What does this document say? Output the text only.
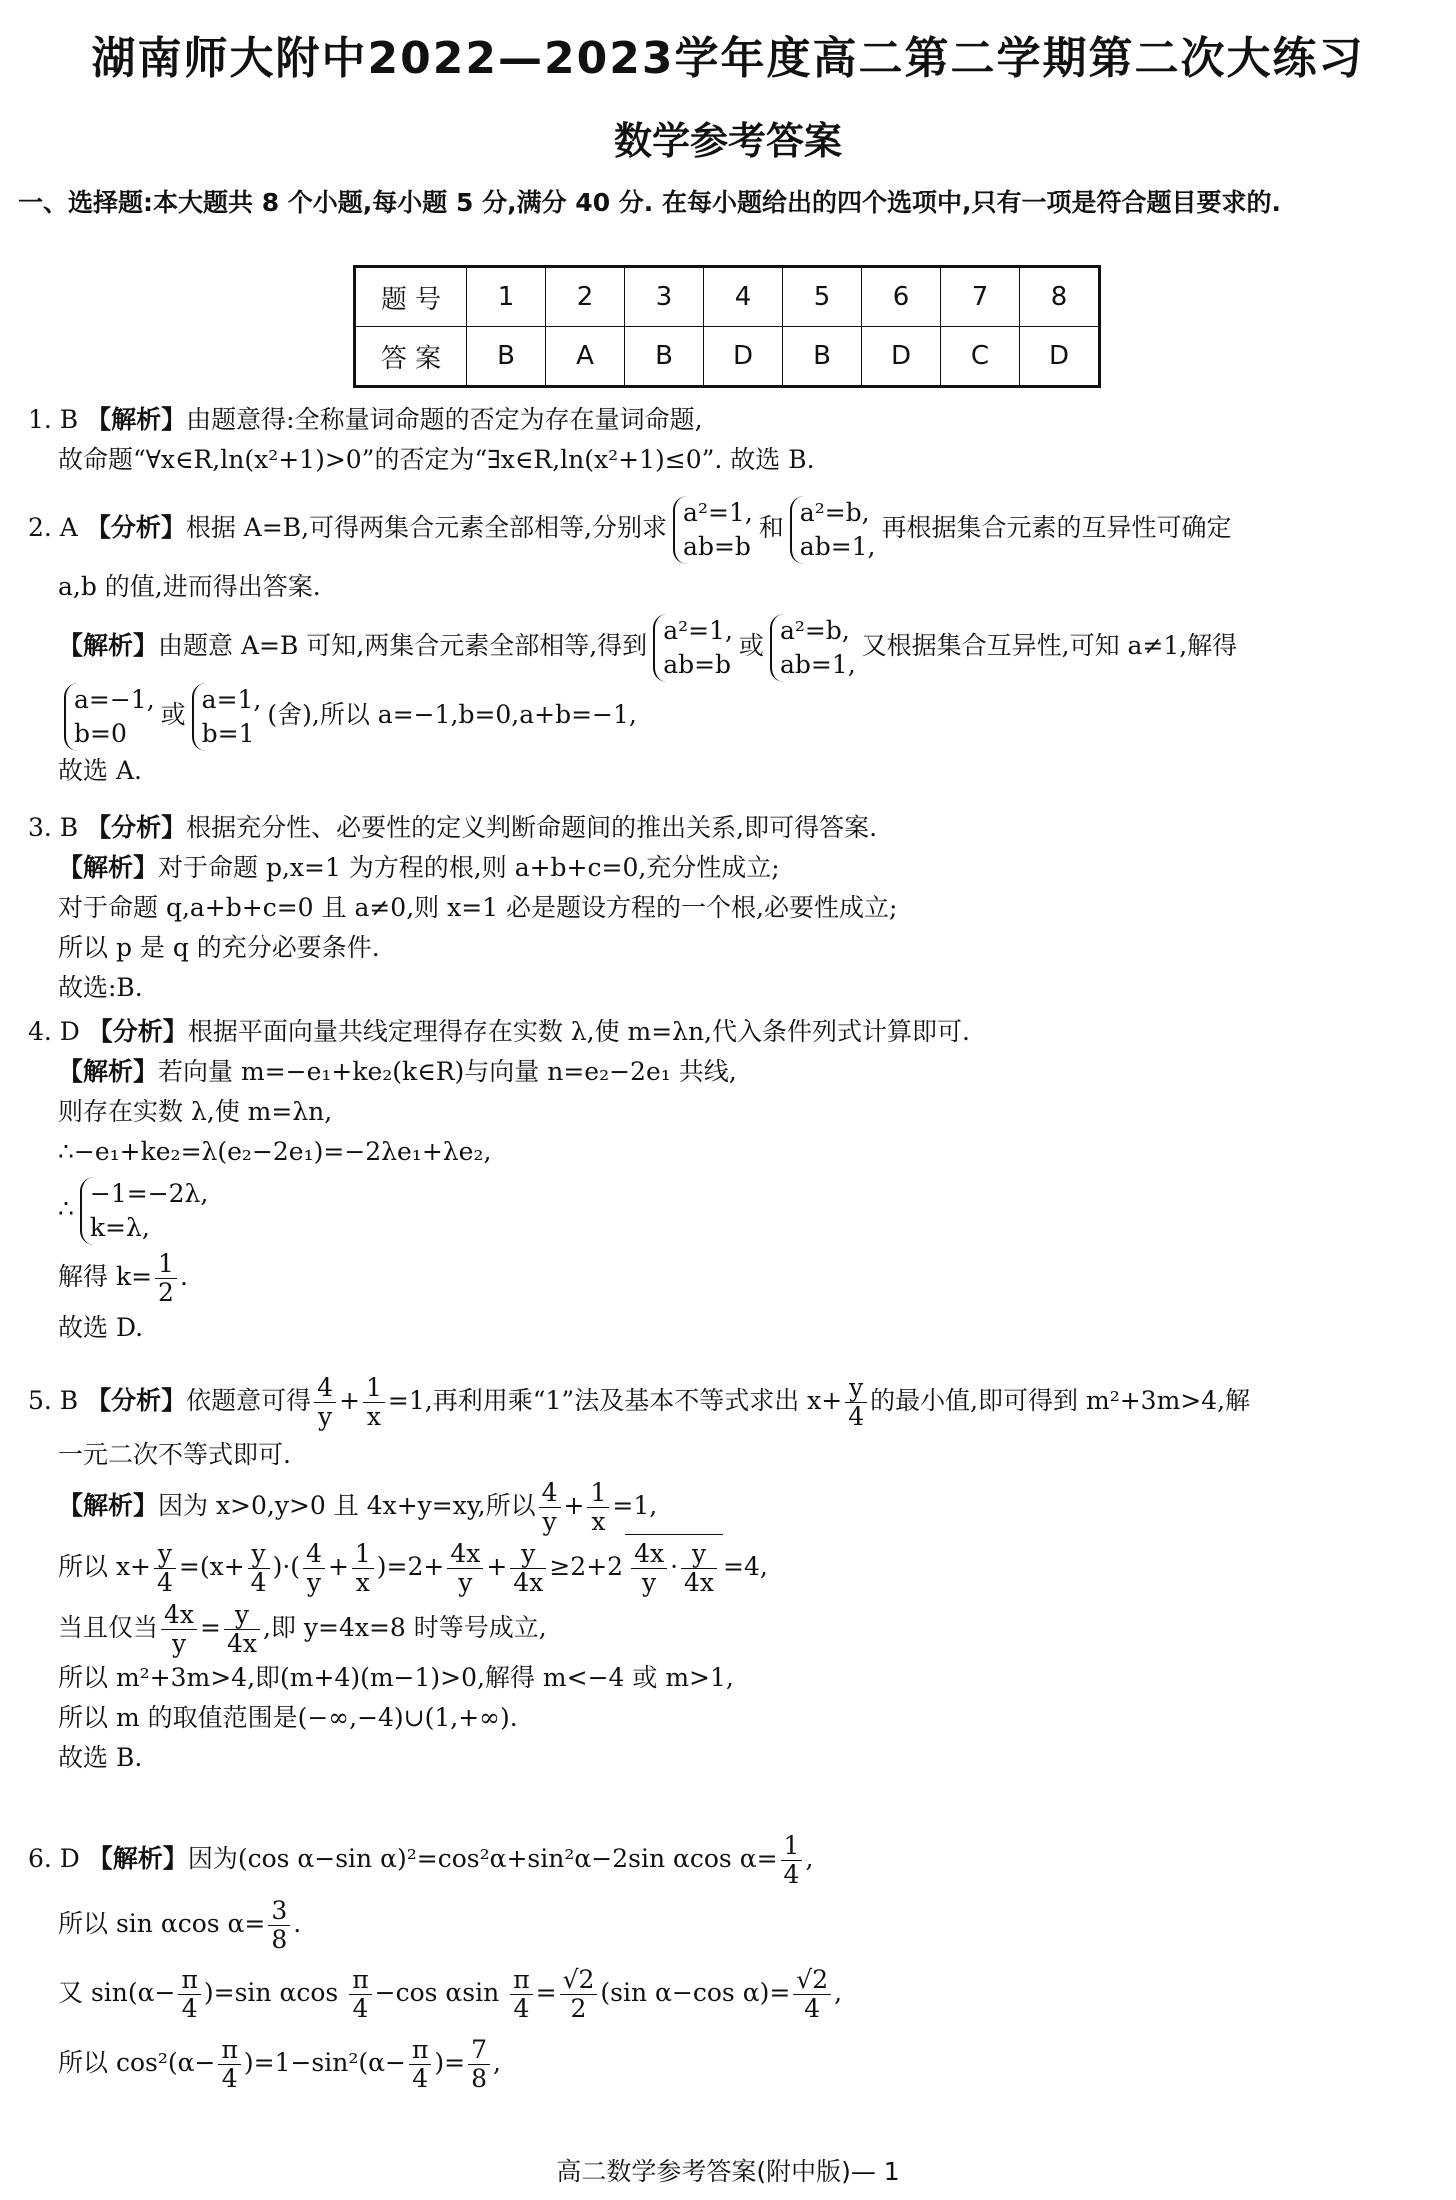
湖南师大附中2022—2023学年度高二第二学期第二次大练习
数学参考答案
一、选择题:本大题共 8 个小题,每小题 5 分,满分 40 分. 在每小题给出的四个选项中,只有一项是符合题目要求的.
题 号	1	2	3	4	5	6	7	8
答 案	B	A	B	D	B	D	C	D
1. B 【解析】由题意得:全称量词命题的否定为存在量词命题,
故命题“∀x∈R,ln(x²+1)>0”的否定为“∃x∈R,ln(x²+1)≤0”. 故选 B.
2. A 【分析】根据 A=B,可得两集合元素全部相等,分别求a²=1,
ab=b和a²=b,
ab=1,再根据集合元素的互异性可确定
a,b 的值,进而得出答案.
【解析】由题意 A=B 可知,两集合元素全部相等,得到a²=1,
ab=b或a²=b,
ab=1,又根据集合互异性,可知 a≠1,解得
a=−1,
b=0或a=1,
b=1(舍),所以 a=−1,b=0,a+b=−1,
故选 A.
3. B 【分析】根据充分性、必要性的定义判断命题间的推出关系,即可得答案.
【解析】对于命题 p,x=1 为方程的根,则 a+b+c=0,充分性成立;
对于命题 q,a+b+c=0 且 a≠0,则 x=1 必是题设方程的一个根,必要性成立;
所以 p 是 q 的充分必要条件.
故选:B.
4. D 【分析】根据平面向量共线定理得存在实数 λ,使 m=λn,代入条件列式计算即可.
【解析】若向量 m=−e₁+ke₂(k∈R)与向量 n=e₂−2e₁ 共线,
则存在实数 λ,使 m=λn,
∴−e₁+ke₂=λ(e₂−2e₁)=−2λe₁+λe₂,
∴−1=−2λ,
k=λ,
解得 $k= \frac{1}{2}$ .
故选 D.
5. B 【分析】依题意可得 $\frac{4}{y} + \frac{1}{x} =1$,再利用乘“1”法及基本不等式求出 $x+ \frac{y}{4}$ 的最小值,即可得到 m²+3m>4,解
一元二次不等式即可.
【解析】因为 x>0,y>0 且 4x+y=xy,所以 $\frac{4}{y} + \frac{1}{x} =1$,
所以 $x+ \frac{y}{4} =(x+ \frac{y}{4}$ )·( $\frac{4}{y} + \frac{1}{x} )=2+ \frac{4x}{y} + \frac{y}{4x} \ge 2+2 \frac{4x}{y} \cdot \frac{y}{4x} =4$,
当且仅当 $\frac{4x}{y} = \frac{y}{4x}$ ,即 y=4x=8 时等号成立,
所以 m²+3m>4,即(m+4)(m−1)>0,解得 m<−4 或 m>1,
所以 m 的取值范围是(−∞,−4)∪(1,+∞).
故选 B.
6. D 【解析】因为(cos α−sin α)²=cos²α+sin²α−2sin αcos $\alpha= \frac{1}{4}$ ,
所以 sin αcos $\alpha= \frac{3}{8}$ .
又 $\sin(\alpha- \frac{\pi}{4} )=\sin$ αcos $\frac{\pi}{4} -\cos$ αsin $\frac{\pi}{4} = \frac{√2}{2} (\sin$ α−cos $\alpha)= \frac{√2}{4}$ ,
所以 $\cos^2(\alpha- \frac{\pi}{4} )=1-\sin^2(\alpha- \frac{\pi}{4}$ )= $\frac{7}{8}$ ,
高二数学参考答案(附中版)— 1
